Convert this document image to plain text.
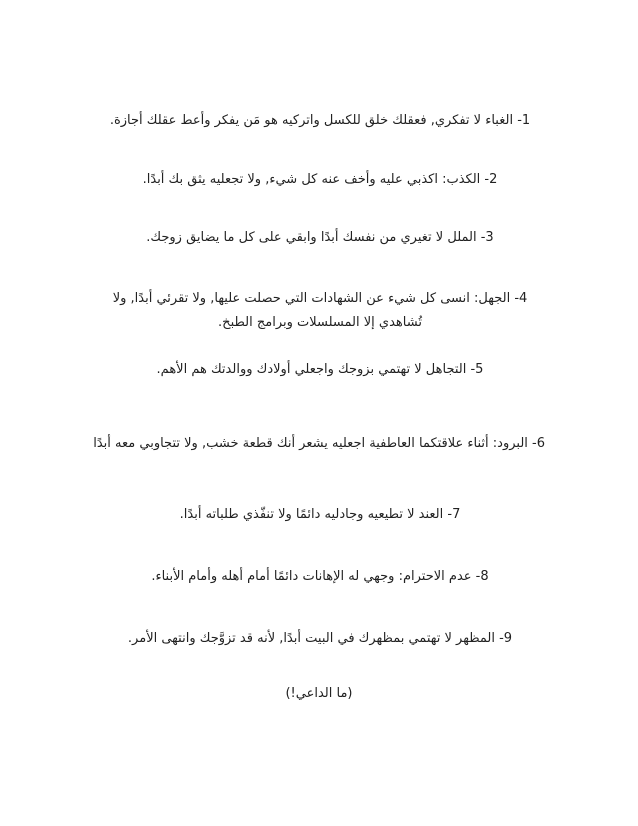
1- الغباء لا تفكري, فعقلك خلق للكسل واتركيه هو مَن يفكر وأعط عقلك أجازة.
2- الكذب: اكذبي عليه وأخف عنه كل شيء, ولا تجعليه يثق بك أبدًا.
3- الملل لا تغيري من نفسك أبدًا وابقي على كل ما يضايق زوجك.
4- الجهل: انسى كل شيء عن الشهادات التي حصلت عليها, ولا تقرئي أبدًا, ولا تُشاهدي إلا المسلسلات وبرامج الطبخ.
5- التجاهل لا تهتمي بزوجك واجعلي أولادك ووالدتك هم الأهم.
6- البرود: أثناء علاقتكما العاطفية اجعليه يشعر أنك قطعة خشب, ولا تتجاوبي معه أبدًا
7- العند لا تطيعيه وجادليه دائمًا ولا تنفّذي طلباته أبدًا.
8- عدم الاحترام: وجهي له الإهانات دائمًا أمام أهله وأمام الأبناء.
9- المظهر لا تهتمي بمظهرك في البيت أبدًا, لأنه قد تزوَّجك وانتهى الأمر.
(ما الداعي!)
